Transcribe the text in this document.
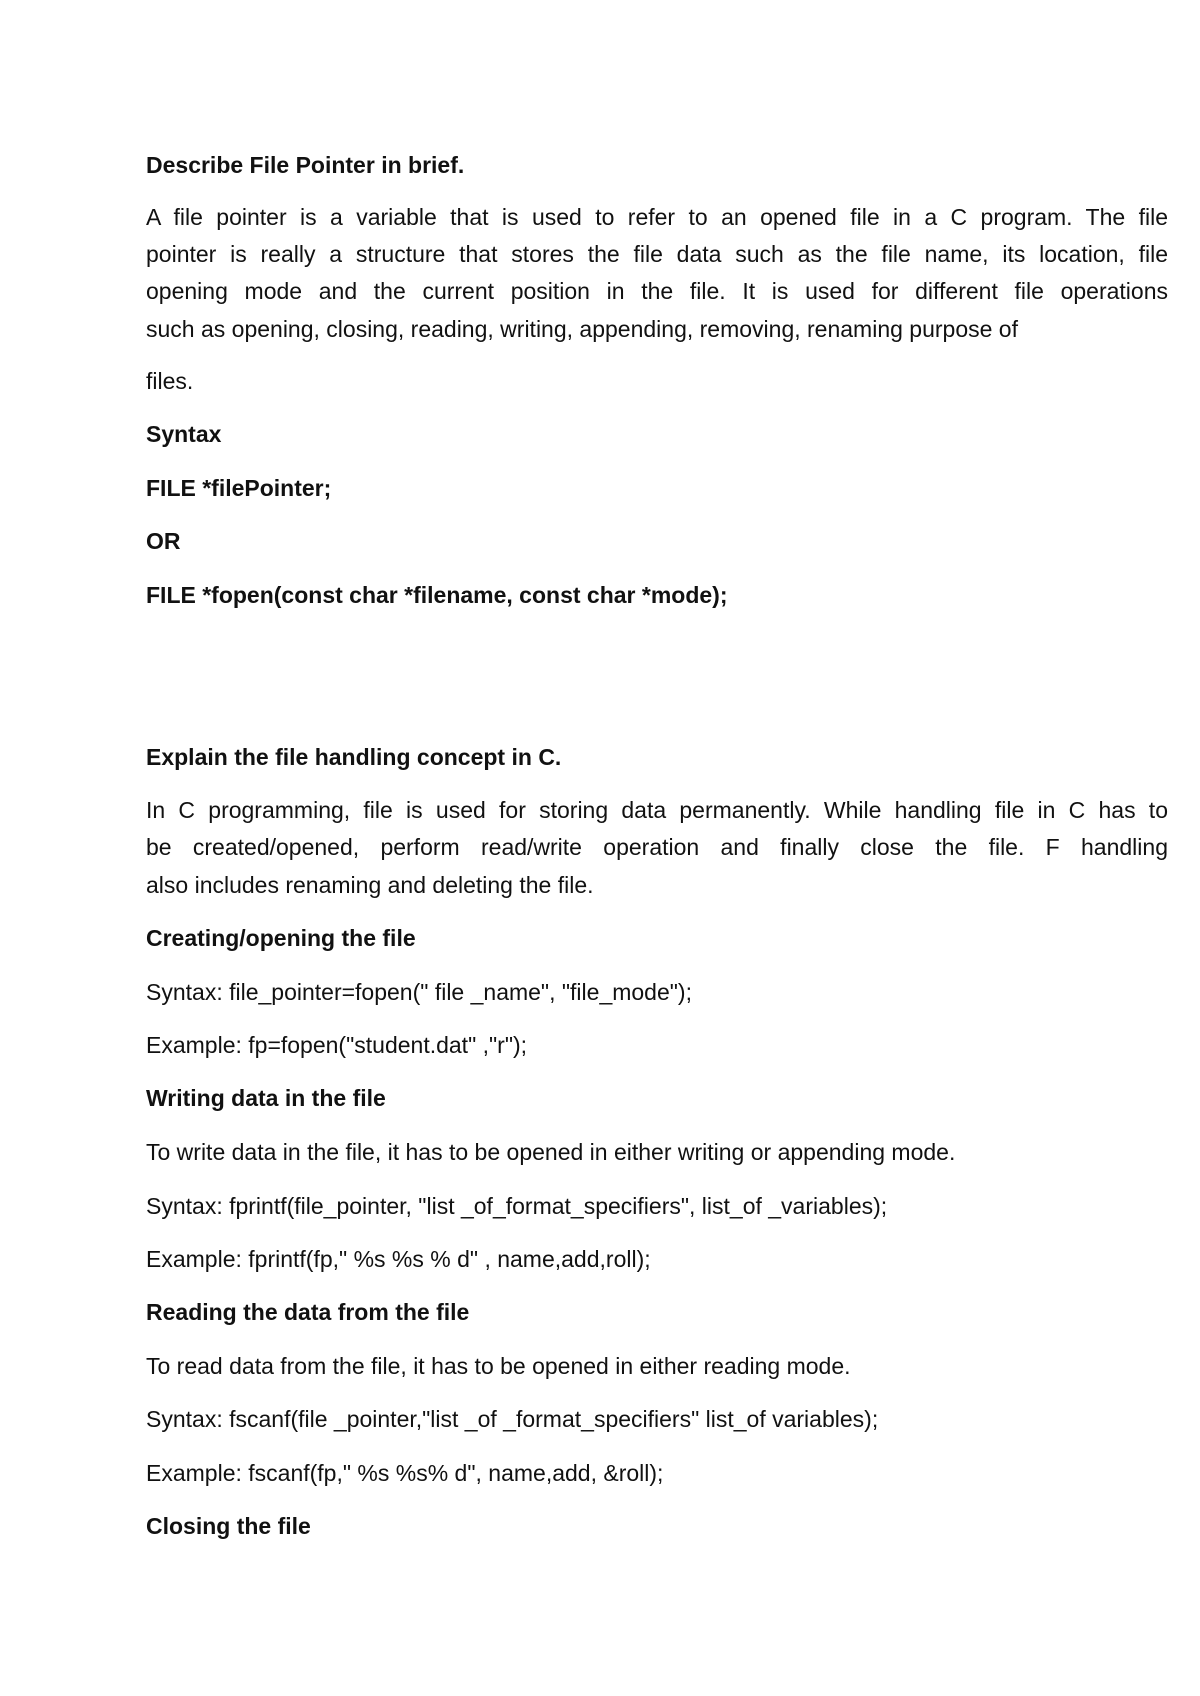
Describe File Pointer in brief.
A file pointer is a variable that is used to refer to an opened file in a C program. The file
pointer is really a structure that stores the file data such as the file name, its location, file
opening mode and the current position in the file. It is used for different file operations
such as opening, closing, reading, writing, appending, removing, renaming purpose of
files.
Syntax
FILE *filePointer;
OR
FILE *fopen(const char *filename, const char *mode);
Explain the file handling concept in C.
In C programming, file is used for storing data permanently. While handling file in C has to
be created/opened, perform read/write operation and finally close the file. F handling
also includes renaming and deleting the file.
Creating/opening the file
Syntax: file_pointer=fopen(" file _name", "file_mode");
Example: fp=fopen("student.dat" ,"r");
Writing data in the file
To write data in the file, it has to be opened in either writing or appending mode.
Syntax: fprintf(file_pointer, "list _of_format_specifiers", list_of _variables);
Example: fprintf(fp," %s %s % d" , name,add,roll);
Reading the data from the file
To read data from the file, it has to be opened in either reading mode.
Syntax: fscanf(file _pointer,"list _of _format_specifiers" list_of variables);
Example: fscanf(fp," %s %s% d", name,add, &roll);
Closing the file
